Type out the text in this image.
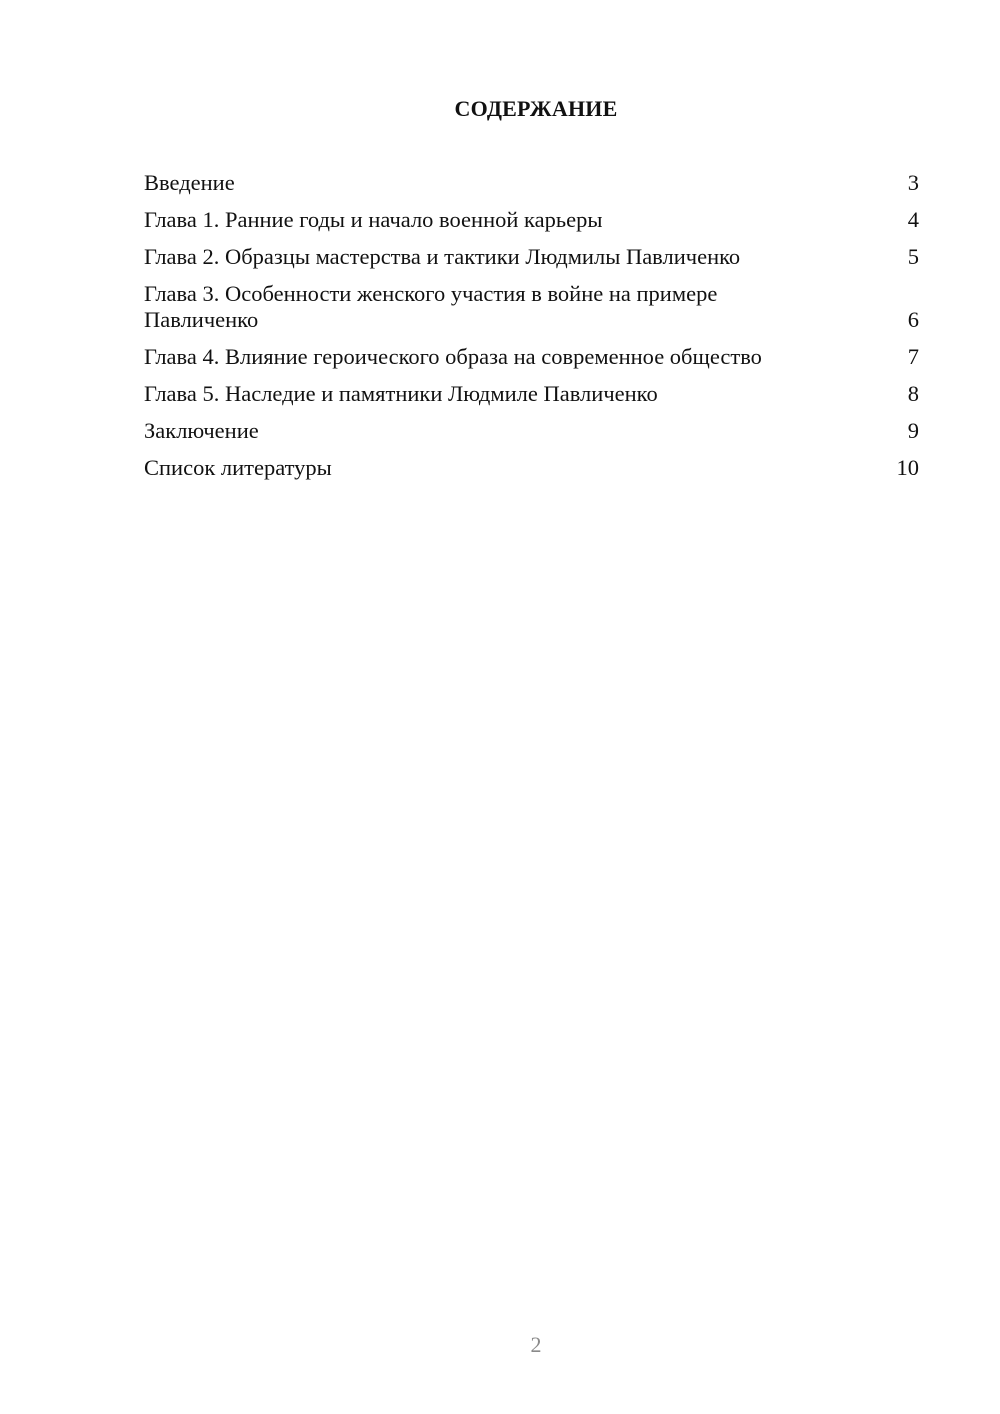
СОДЕРЖАНИЕ
Введение	3
Глава 1. Ранние годы и начало военной карьеры	4
Глава 2. Образцы мастерства и тактики Людмилы Павличенко	5
Глава 3. Особенности женского участия в войне на примере Павличенко	6
Глава 4. Влияние героического образа на современное общество	7
Глава 5. Наследие и памятники Людмиле Павличенко	8
Заключение	9
Список литературы	10
2
